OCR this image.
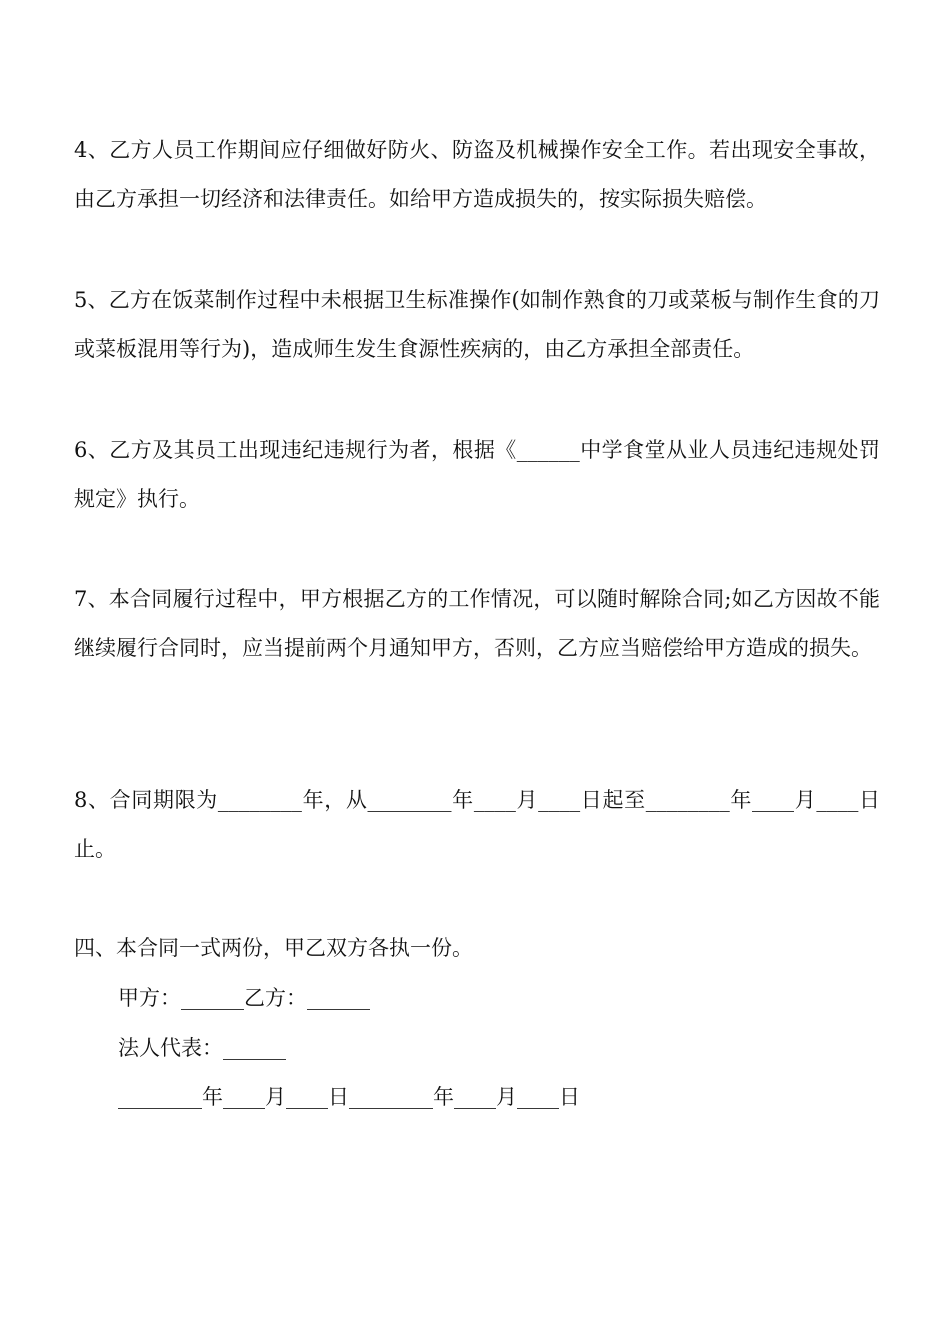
4、乙方人员工作期间应仔细做好防火、防盗及机械操作安全工作。若出现安全事故，由乙方承担一切经济和法律责任。如给甲方造成损失的，按实际损失赔偿。

5、乙方在饭菜制作过程中未根据卫生标准操作(如制作熟食的刀或菜板与制作生食的刀或菜板混用等行为)，造成师生发生食源性疾病的，由乙方承担全部责任。

6、乙方及其员工出现违纪违规行为者，根据《______中学食堂从业人员违纪违规处罚规定》执行。

7、本合同履行过程中，甲方根据乙方的工作情况，可以随时解除合同;如乙方因故不能继续履行合同时，应当提前两个月通知甲方，否则，乙方应当赔偿给甲方造成的损失。

8、合同期限为________年，从________年____月____日起至________年____月____日止。

四、本合同一式两份，甲乙双方各执一份。

甲方：______乙方：______

法人代表：______

________年____月____日________年____月____日
